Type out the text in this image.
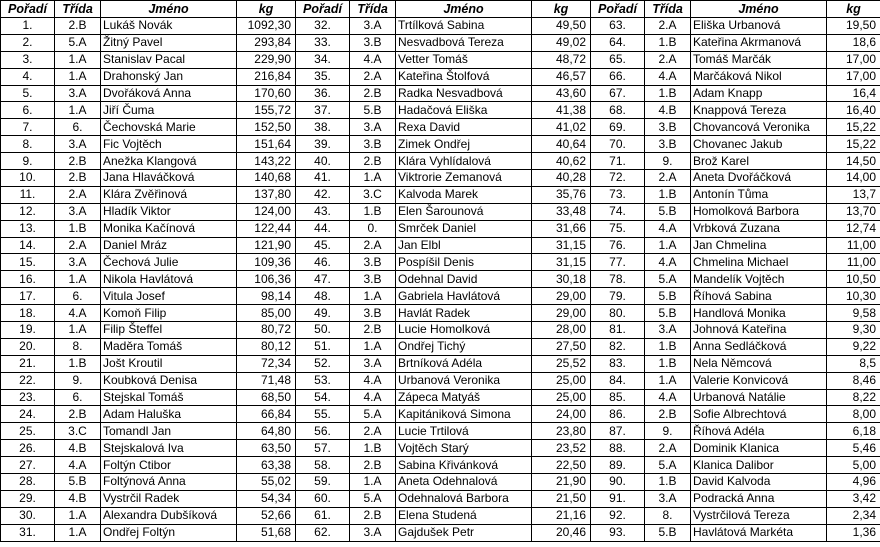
Pořadí	Třída	Jméno	kg	Pořadí	Třída	Jméno	kg	Pořadí	Třída	Jméno	kg
1.	2.B	Lukáš Novák	1092,30	32.	3.A	Trtílková Sabina	49,50	63.	2.A	Eliška Urbanová	19,50
2.	5.A	Žitný Pavel	293,84	33.	3.B	Nesvadbová Tereza	49,02	64.	1.B	Kateřina Akrmanová	18,6
3.	1.A	Stanislav Pacal	229,90	34.	4.A	Vetter Tomáš	48,72	65.	2.A	Tomáš Marčák	17,00
4.	1.A	Drahonský Jan	216,84	35.	2.A	Kateřina Štolfová	46,57	66.	4.A	Marčáková Nikol	17,00
5.	3.A	Dvořáková Anna	170,60	36.	2.B	Radka Nesvadbová	43,60	67.	1.B	Adam Knapp	16,4
6.	1.A	Jiří Čuma	155,72	37.	5.B	Hadačová Eliška	41,38	68.	4.B	Knappová Tereza	16,40
7.	6.	Čechovská Marie	152,50	38.	3.A	Rexa David	41,02	69.	3.B	Chovancová Veronika	15,22
8.	3.A	Fic Vojtěch	151,64	39.	3.B	Zimek Ondřej	40,64	70.	3.B	Chovanec Jakub	15,22
9.	2.B	Anežka Klangová	143,22	40.	2.B	Klára Vyhlídalová	40,62	71.	9.	Brož Karel	14,50
10.	2.B	Jana Hlaváčková	140,68	41.	1.A	Viktrorie Zemanová	40,28	72.	2.A	Aneta Dvořáčková	14,00
11.	2.A	Klára Zvěřinová	137,80	42.	3.C	Kalvoda Marek	35,76	73.	1.B	Antonín Tůma	13,7
12.	3.A	Hladík Viktor	124,00	43.	1.B	Elen Šarounová	33,48	74.	5.B	Homolková Barbora	13,70
13.	1.B	Monika Kačínová	122,44	44.	0.	Smrček Daniel	31,66	75.	4.A	Vrbková Zuzana	12,74
14.	2.A	Daniel Mráz	121,90	45.	2.A	Jan Elbl	31,15	76.	1.A	Jan Chmelina	11,00
15.	3.A	Čechová Julie	109,36	46.	3.B	Pospíšil Denis	31,15	77.	4.A	Chmelina Michael	11,00
16.	1.A	Nikola Havlátová	106,36	47.	3.B	Odehnal David	30,18	78.	5.A	Mandelík Vojtěch	10,50
17.	6.	Vitula Josef	98,14	48.	1.A	Gabriela Havlátová	29,00	79.	5.B	Říhová Sabina	10,30
18.	4.A	Komoň Filip	85,00	49.	3.B	Havlát Radek	29,00	80.	5.B	Handlová Monika	9,58
19.	1.A	Filip Šteffel	80,72	50.	2.B	Lucie Homolková	28,00	81.	3.A	Johnová Kateřina	9,30
20.	8.	Maděra Tomáš	80,12	51.	1.A	Ondřej Tichý	27,50	82.	1.B	Anna Sedláčková	9,22
21.	1.B	Jošt Kroutil	72,34	52.	3.A	Brtníková Adéla	25,52	83.	1.B	Nela Němcová	8,5
22.	9.	Koubková Denisa	71,48	53.	4.A	Urbanová Veronika	25,00	84.	1.A	Valerie Konvicová	8,46
23.	6.	Stejskal Tomáš	68,50	54.	4.A	Zápeca Matyáš	25,00	85.	4.A	Urbanová Natálie	8,22
24.	2.B	Adam Haluška	66,84	55.	5.A	Kapitániková Simona	24,00	86.	2.B	Sofie Albrechtová	8,00
25.	3.C	Tomandl Jan	64,80	56.	2.A	Lucie Trtilová	23,80	87.	9.	Říhová Adéla	6,18
26.	4.B	Stejskalová Iva	63,50	57.	1.B	Vojtěch Starý	23,52	88.	2.A	Dominik Klanica	5,46
27.	4.A	Foltýn Ctibor	63,38	58.	2.B	Sabina Křivánková	22,50	89.	5.A	Klanica Dalibor	5,00
28.	5.B	Foltýnová Anna	55,02	59.	1.A	Aneta Odehnalová	21,90	90.	1.B	David Kalvoda	4,96
29.	4.B	Vystrčil Radek	54,34	60.	5.A	Odehnalová Barbora	21,50	91.	3.A	Podracká Anna	3,42
30.	1.A	Alexandra Dubšíková	52,66	61.	2.B	Elena Studená	21,16	92.	8.	Vystrčilová Tereza	2,34
31.	1.A	Ondřej Foltýn	51,68	62.	3.A	Gajdušek Petr	20,46	93.	5.B	Havlátová Markéta	1,36
